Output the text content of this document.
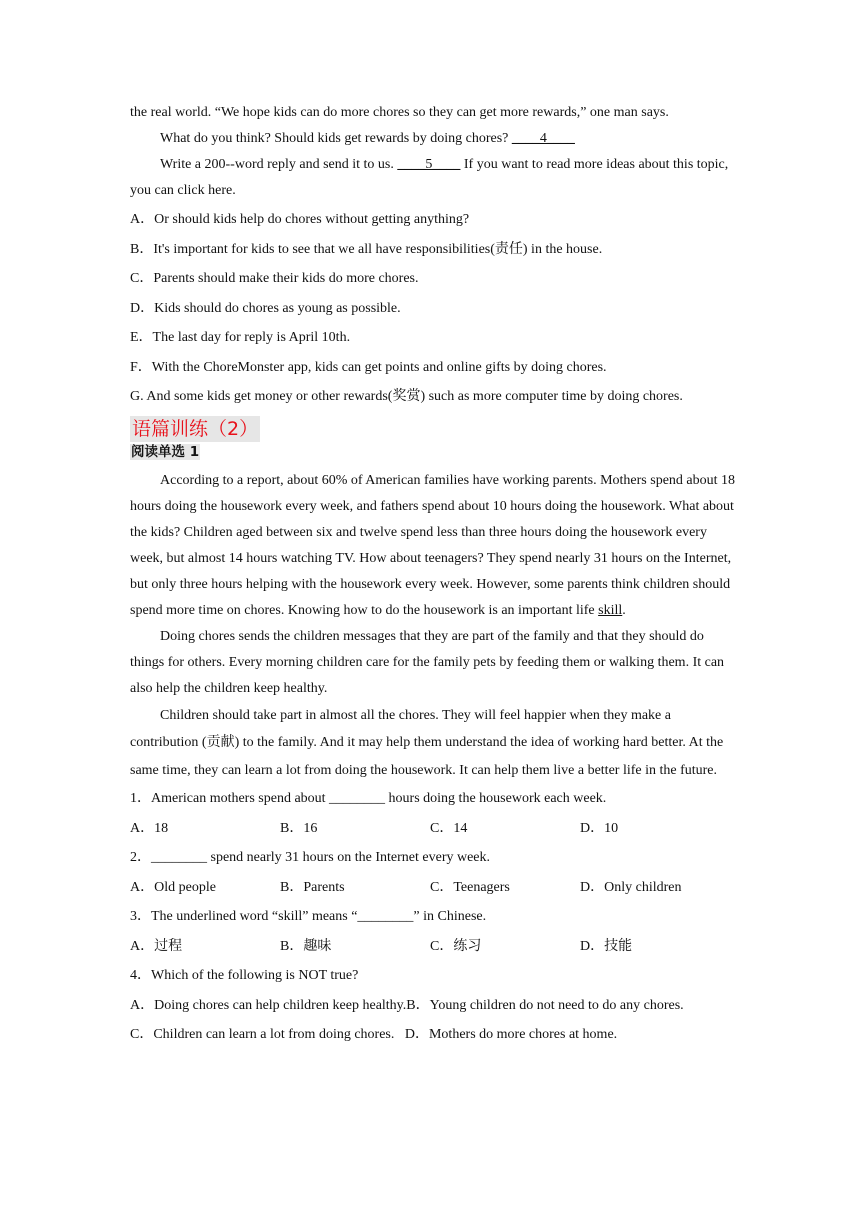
the real world. “We hope kids can do more chores so they can get more rewards,” one man says.

What do you think? Should kids get rewards by doing chores? ____4____

Write a 200--word reply and send it to us. ____5____ If you want to read more ideas about this topic, you can click here.

A．Or should kids help do chores without getting anything?

B．It's important for kids to see that we all have responsibilities(责任) in the house.

C．Parents should make their kids do more chores.

D．Kids should do chores as young as possible.

E．The last day for reply is April 10th.

F．With the ChoreMonster app, kids can get points and online gifts by doing chores.

G. And some kids get money or other rewards(奖赏) such as more computer time by doing chores.

语篇训练（2）
阅读单选 1

According to a report, about 60% of American families have working parents. Mothers spend about 18 hours doing the housework every week, and fathers spend about 10 hours doing the housework. What about the kids? Children aged between six and twelve spend less than three hours doing the housework every week, but almost 14 hours watching TV. How about teenagers? They spend nearly 31 hours on the Internet, but only three hours helping with the housework every week. However, some parents think children should spend more time on chores. Knowing how to do the housework is an important life skill.

Doing chores sends the children messages that they are part of the family and that they should do things for others. Every morning children care for the family pets by feeding them or walking them. It can also help the children keep healthy.

Children should take part in almost all the chores. They will feel happier when they make a contribution (贡献) to the family. And it may help them understand the idea of working hard better. At the same time, they can learn a lot from doing the housework. It can help them live a better life in the future.

1．American mothers spend about ________ hours doing the housework each week.

A．18	B．16	C．14	D．10

2．________ spend nearly 31 hours on the Internet every week.

A．Old people	B．Parents	C．Teenagers	D．Only children

3．The underlined word “skill” means “________” in Chinese.

A．过程	B．趣味	C．练习	D．技能

4．Which of the following is NOT true?

A．Doing chores can help children keep healthy.B．Young children do not need to do any chores.

C．Children can learn a lot from doing chores.   D．Mothers do more chores at home.
